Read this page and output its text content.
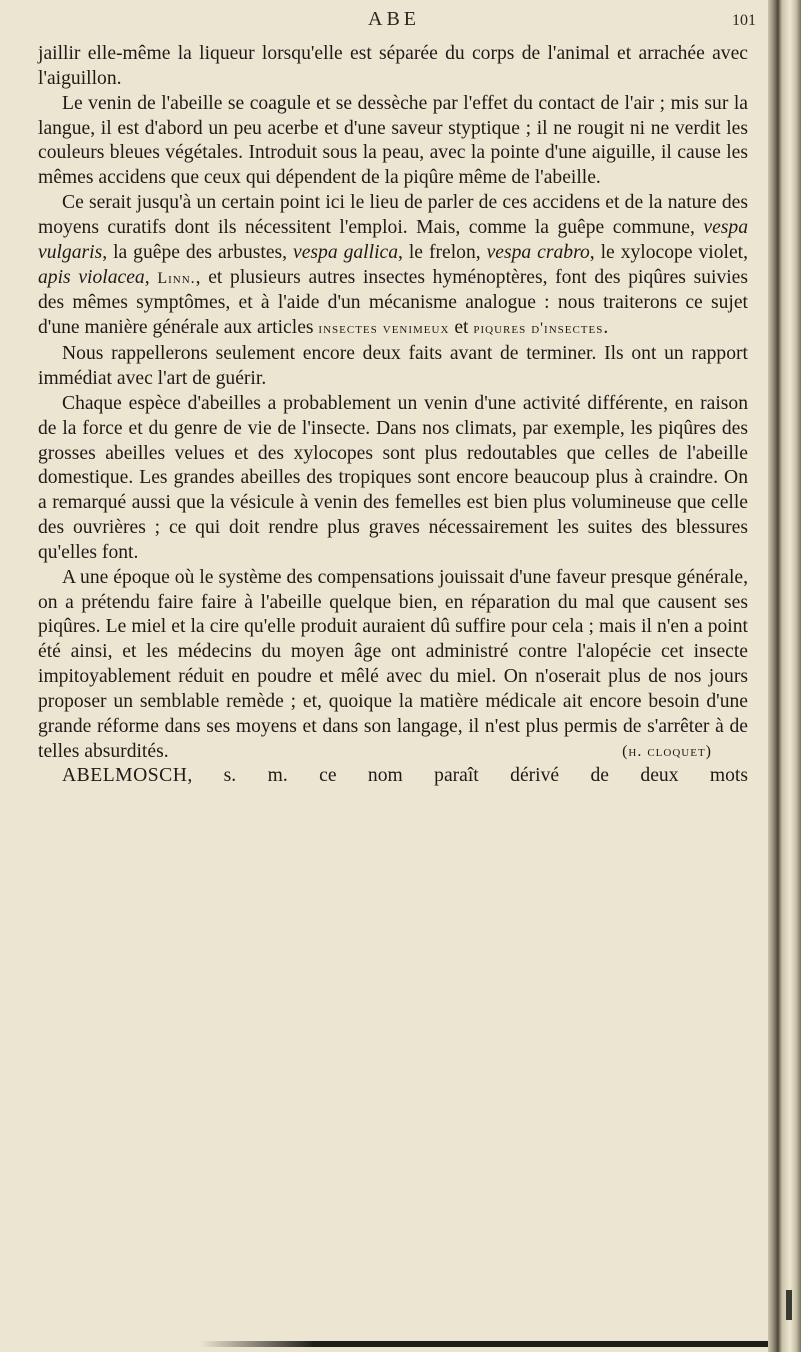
ABE	101

jaillir elle-même la liqueur lorsqu'elle est séparée du corps de l'animal et arrachée avec l'aiguillon.

Le venin de l'abeille se coagule et se dessèche par l'effet du contact de l'air ; mis sur la langue, il est d'abord un peu acerbe et d'une saveur styptique ; il ne rougit ni ne verdit les couleurs bleues végétales. Introduit sous la peau, avec la pointe d'une aiguille, il cause les mêmes accidens que ceux qui dépendent de la piqûre même de l'abeille.

Ce serait jusqu'à un certain point ici le lieu de parler de ces accidens et de la nature des moyens curatifs dont ils nécessitent l'emploi. Mais, comme la guêpe commune, vespa vulgaris, la guêpe des arbustes, vespa gallica, le frelon, vespa crabro, le xylocope violet, apis violacea, Linn., et plusieurs autres insectes hyménoptères, font des piqûres suivies des mêmes symptômes, et à l'aide d'un mécanisme analogue : nous traiterons ce sujet d'une manière générale aux articles insectes venimeux et piqures d'insectes.

Nous rappellerons seulement encore deux faits avant de terminer. Ils ont un rapport immédiat avec l'art de guérir.

Chaque espèce d'abeilles a probablement un venin d'une activité différente, en raison de la force et du genre de vie de l'insecte. Dans nos climats, par exemple, les piqûres des grosses abeilles velues et des xylocopes sont plus redoutables que celles de l'abeille domestique. Les grandes abeilles des tropiques sont encore beaucoup plus à craindre. On a remarqué aussi que la vésicule à venin des femelles est bien plus volumineuse que celle des ouvrières ; ce qui doit rendre plus graves nécessairement les suites des blessures qu'elles font.

A une époque où le système des compensations jouissait d'une faveur presque générale, on a prétendu faire faire à l'abeille quelque bien, en réparation du mal que causent ses piqûres. Le miel et la cire qu'elle produit auraient dû suffire pour cela ; mais il n'en a point été ainsi, et les médecins du moyen âge ont administré contre l'alopécie cet insecte impitoyablement réduit en poudre et mêlé avec du miel. On n'oserait plus de nos jours proposer un semblable remède ; et, quoique la matière médicale ait encore besoin d'une grande réforme dans ses moyens et dans son langage, il n'est plus permis de s'arrêter à de telles absurdités.	(h. cloquet)

ABELMOSCH, s. m. ce nom paraît dérivé de deux mots
